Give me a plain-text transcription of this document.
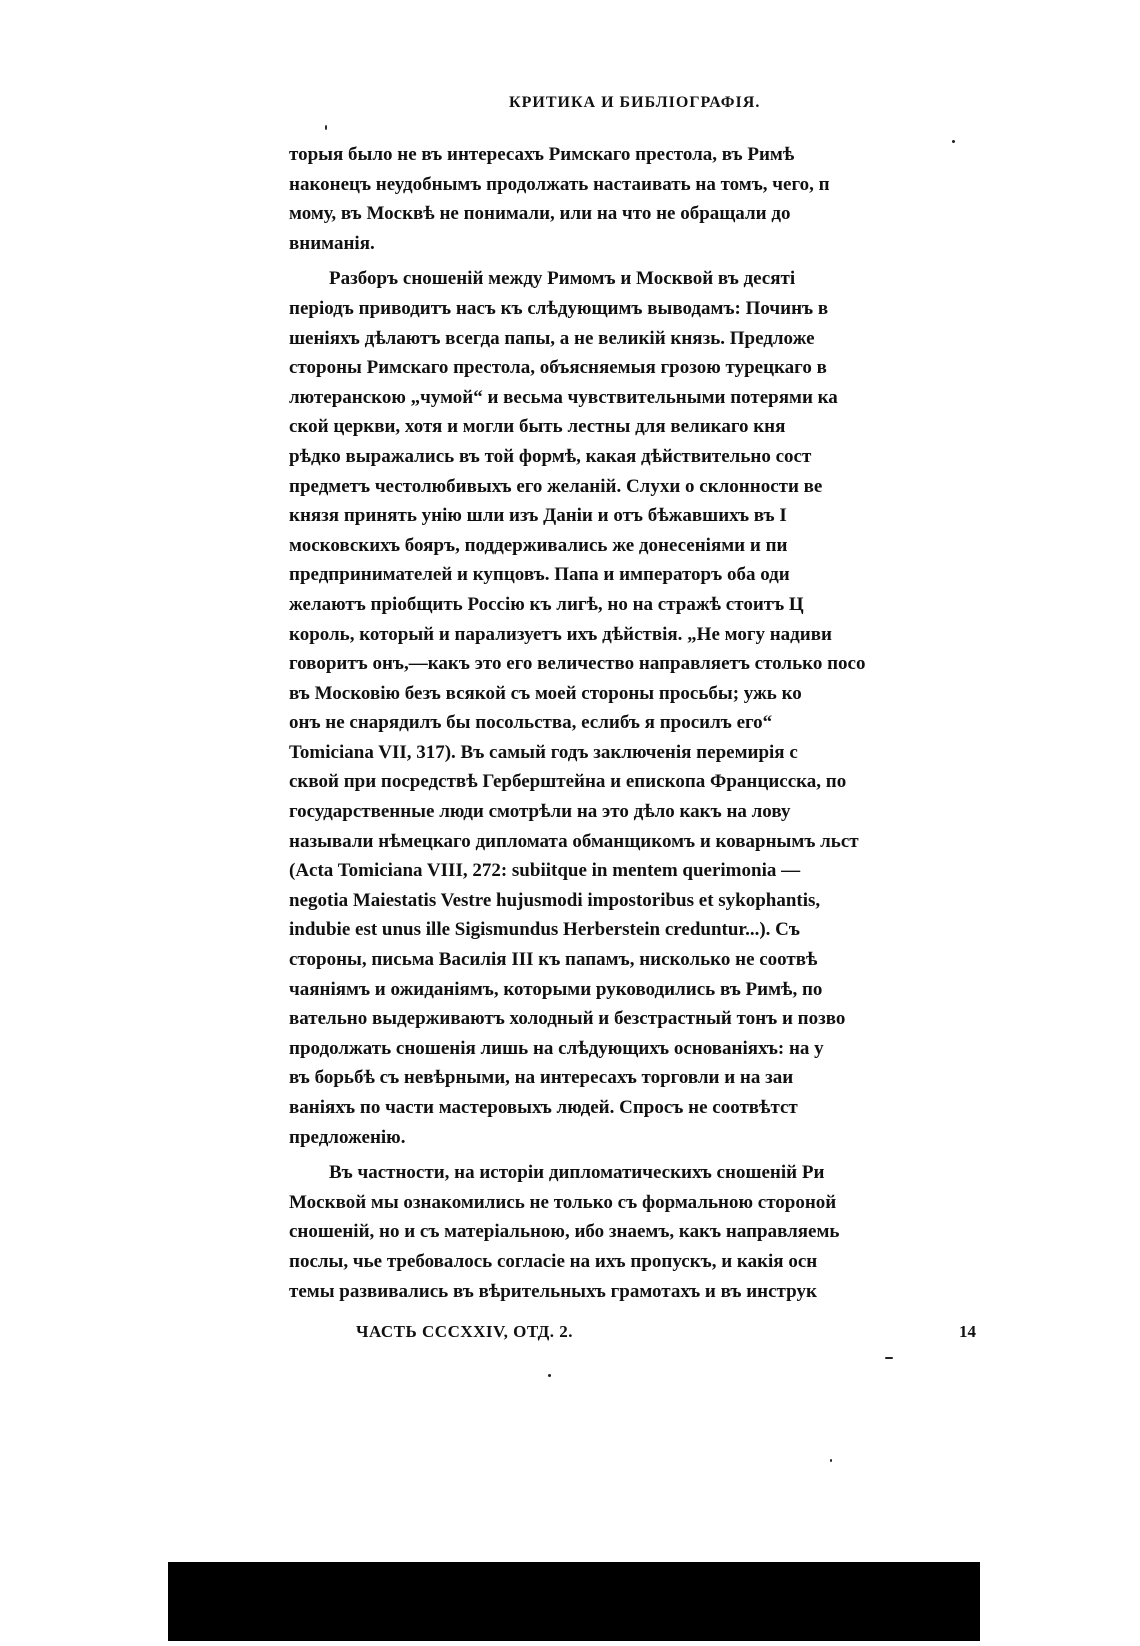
КРИТИКА И БИБЛІОГРАФІЯ.
торыя было не въ интересахъ Римскаго престола, въ Римѣ
наконецъ неудобнымъ продолжать настаивать на томъ, чего, п
мому, въ Москвѣ не понимали, или на что не обращали до
вниманія.
Разборъ сношеній между Римомъ и Москвой въ десяті
періодъ приводитъ насъ къ слѣдующимъ выводамъ: Починъ в
шеніяхъ дѣлаютъ всегда папы, а не великій князь. Предложе
стороны Римскаго престола, объясняемыя грозою турецкаго в
лютеранскою „чумой“ и весьма чувствительными потерями ка
ской церкви, хотя и могли быть лестны для великаго кня
рѣдко выражались въ той формѣ, какая дѣйствительно сост
предметъ честолюбивыхъ его желаній. Слухи о склонности ве
князя принять унію шли изъ Даніи и отъ бѣжавшихъ въ I
московскихъ бояръ, поддерживались же донесеніями и пи
предпринимателей и купцовъ. Папа и императоръ оба оди
желаютъ пріобщить Россію къ лигѣ, но на стражѣ стоитъ Ц
король, который и парализуетъ ихъ дѣйствія. „Не могу надиви
говоритъ онъ,—какъ это его величество направляетъ столько посо
въ Московію безъ всякой съ моей стороны просьбы; ужь ко
онъ не снарядилъ бы посольства, еслибъ я просилъ его“
Tomiciana VII, 317). Въ самый годъ заключенія перемирія с
сквой при посредствѣ Герберштейна и епископа Францисска, по
государственные люди смотрѣли на это дѣло какъ на лову
называли нѣмецкаго дипломата обманщикомъ и коварнымъ льст
(Acta Tomiciana VIII, 272: subiitque in mentem querimonia —
negotia Maiestatis Vestre hujusmodi impostoribus et sykophantis,
indubie est unus ille Sigismundus Herberstein creduntur...). Съ
стороны, письма Василія III къ папамъ, нисколько не соотвѣ
чаяніямъ и ожиданіямъ, которыми руководились въ Римѣ, по
вательно выдерживаютъ холодный и безстрастный тонъ и позво
продолжать сношенія лишь на слѣдующихъ основаніяхъ: на у
въ борьбѣ съ невѣрными, на интересахъ торговли и на заи
ваніяхъ по части мастеровыхъ людей. Спросъ не соотвѣтст
предложенію.
Въ частности, на исторіи дипломатическихъ сношеній Ри
Москвой мы ознакомились не только съ формальною стороной
сношеній, но и съ матеріальною, ибо знаемъ, какъ направляемь
послы, чье требовалось согласіе на ихъ пропускъ, и какія осн
темы развивались въ вѣрительныхъ грамотахъ и въ инструк
ЧАСТЬ CCCXXIV, ОТД. 2.	14
